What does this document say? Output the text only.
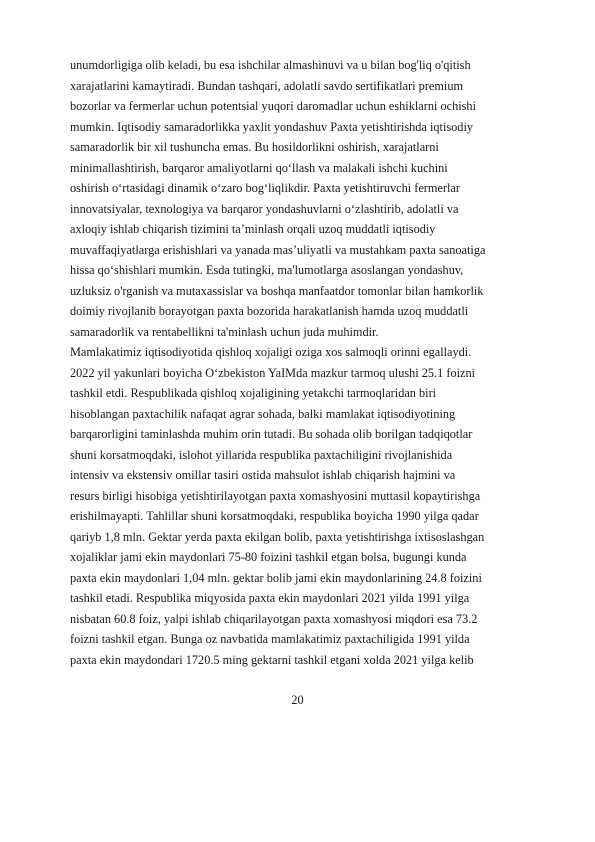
unumdorligiga olib keladi, bu esa ishchilar almashinuvi va u bilan bog'liq o'qitish
xarajatlarini kamaytiradi. Bundan tashqari, adolatli savdo sertifikatlari premium
bozorlar va fermerlar uchun potentsial yuqori daromadlar uchun eshiklarni ochishi
mumkin. Iqtisodiy samaradorlikka yaxlit yondashuv Paxta yetishtirishda iqtisodiy
samaradorlik bir xil tushuncha emas. Bu hosildorlikni oshirish, xarajatlarni
minimallashtirish, barqaror amaliyotlarni qo‘llash va malakali ishchi kuchini
oshirish o‘rtasidagi dinamik o‘zaro bog‘liqlikdir. Paxta yetishtiruvchi fermerlar
innovatsiyalar, texnologiya va barqaror yondashuvlarni o‘zlashtirib, adolatli va
axloqiy ishlab chiqarish tizimini ta’minlash orqali uzoq muddatli iqtisodiy
muvaffaqiyatlarga erishishlari va yanada mas’uliyatli va mustahkam paxta sanoatiga
hissa qo‘shishlari mumkin. Esda tutingki, ma'lumotlarga asoslangan yondashuv,
uzluksiz o'rganish va mutaxassislar va boshqa manfaatdor tomonlar bilan hamkorlik
doimiy rivojlanib borayotgan paxta bozorida harakatlanish hamda uzoq muddatli
samaradorlik va rentabellikni ta'minlash uchun juda muhimdir.
Mamlakatimiz iqtisodiyotida qishloq xojaligi oziga xos salmoqli orinni egallaydi.
2022 yil yakunlari boyicha O‘zbekiston YaIMda mazkur tarmoq ulushi 25.1 foizni
tashkil etdi. Respublikada qishloq xojaligining yetakchi tarmoqlaridan biri
hisoblangan paxtachilik nafaqat agrar sohada, balki mamlakat iqtisodiyotining
barqarorligini taminlashda muhim orin tutadi. Bu sohada olib borilgan tadqiqotlar
shuni korsatmoqdaki, islohot yillarida respublika paxtachiligini rivojlanishida
intensiv va ekstensiv omillar tasiri ostida mahsulot ishlab chiqarish hajmini va
resurs birligi hisobiga yetishtirilayotgan paxta xomashyosini muttasil kopaytirishga
erishilmayapti. Tahlillar shuni korsatmoqdaki, respublika boyicha 1990 yilga qadar
qariyb 1,8 mln. Gektar yerda paxta ekilgan bolib, paxta yetishtirishga ixtisoslashgan
xojaliklar jami ekin maydonlari 75-80 foizini tashkil etgan bolsa, bugungi kunda
paxta ekin maydonlari 1,04 mln. gektar bolib jami ekin maydonlarining 24.8 foizini
tashkil etadi. Respublika miqyosida paxta ekin maydonlari 2021 yilda 1991 yilga
nisbatan 60.8 foiz, yalpi ishlab chiqarilayotgan paxta xomashyosi miqdori esa 73.2
foizni tashkil etgan. Bunga oz navbatida mamlakatimiz paxtachiligida 1991 yilda
paxta ekin maydondari 1720.5 ming gektarni tashkil etgani xolda 2021 yilga kelib
20
